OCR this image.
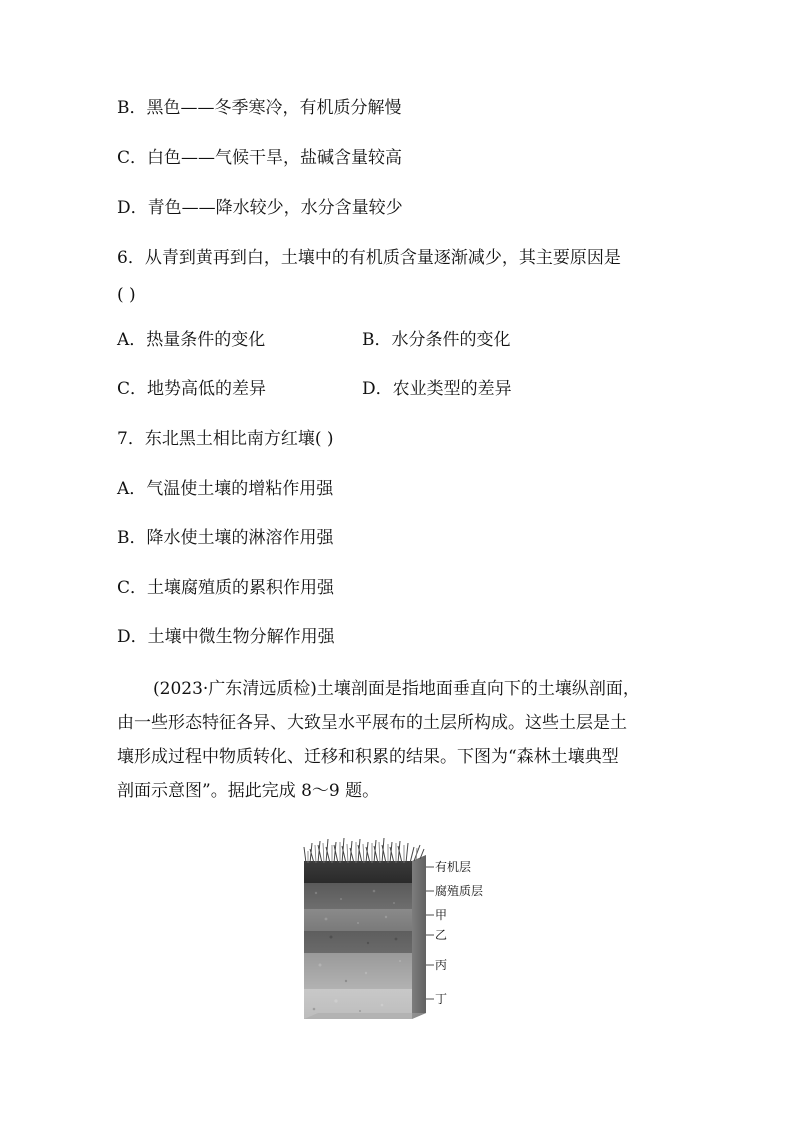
B．黑色——冬季寒冷，有机质分解慢
C．白色——气候干旱，盐碱含量较高
D．青色——降水较少，水分含量较少
6．从青到黄再到白，土壤中的有机质含量逐渐减少，其主要原因是
( )
A．热量条件的变化	B．水分条件的变化
C．地势高低的差异	D．农业类型的差异
7．东北黑土相比南方红壤( )
A．气温使土壤的增粘作用强
B．降水使土壤的淋溶作用强
C．土壤腐殖质的累积作用强
D．土壤中微生物分解作用强
(2023·广东清远质检)土壤剖面是指地面垂直向下的土壤纵剖面，
由一些形态特征各异、大致呈水平展布的土层所构成。这些土层是土
壤形成过程中物质转化、迁移和积累的结果。下图为“森林土壤典型
剖面示意图”。据此完成 8～9 题。
有机层
腐殖质层
甲
乙
丙
丁
